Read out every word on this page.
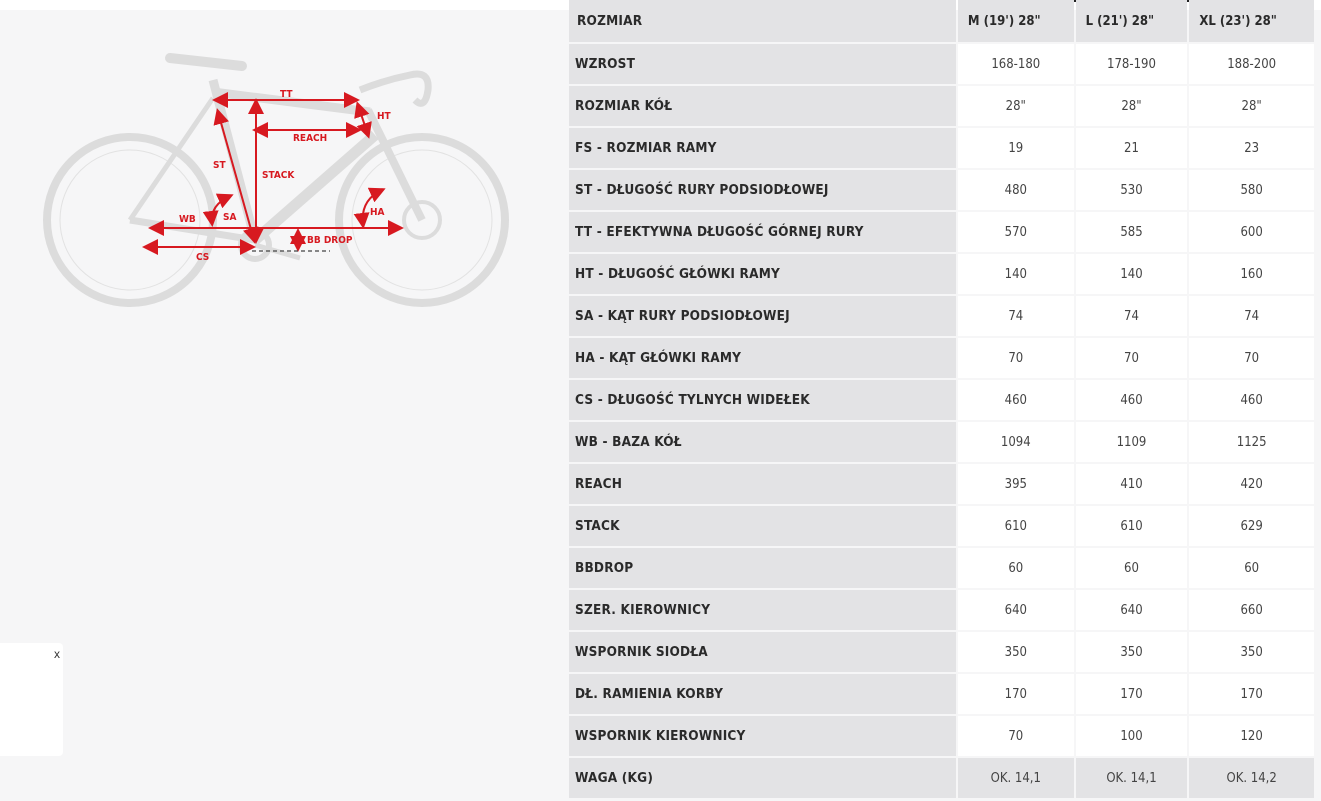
TT
HT
REACH
ST
STACK
WB	SA	HA
CS
BB DROP
x
ROZMIAR	M (19') 28"	L (21') 28"	XL (23') 28"
WZROST	168-180	178-190	188-200
ROZMIAR KÓŁ	28"	28"	28"
FS - ROZMIAR RAMY	19	21	23
ST - DŁUGOŚĆ RURY PODSIODŁOWEJ	480	530	580
TT - EFEKTYWNA DŁUGOŚĆ GÓRNEJ RURY	570	585	600
HT - DŁUGOŚĆ GŁÓWKI RAMY	140	140	160
SA - KĄT RURY PODSIODŁOWEJ	74	74	74
HA - KĄT GŁÓWKI RAMY	70	70	70
CS - DŁUGOŚĆ TYLNYCH WIDEŁEK	460	460	460
WB - BAZA KÓŁ	1094	1109	1125
REACH	395	410	420
STACK	610	610	629
BBDROP	60	60	60
SZER. KIEROWNICY	640	640	660
WSPORNIK SIODŁA	350	350	350
DŁ. RAMIENIA KORBY	170	170	170
WSPORNIK KIEROWNICY	70	100	120
WAGA (KG)	OK. 14,1	OK. 14,1	OK. 14,2
